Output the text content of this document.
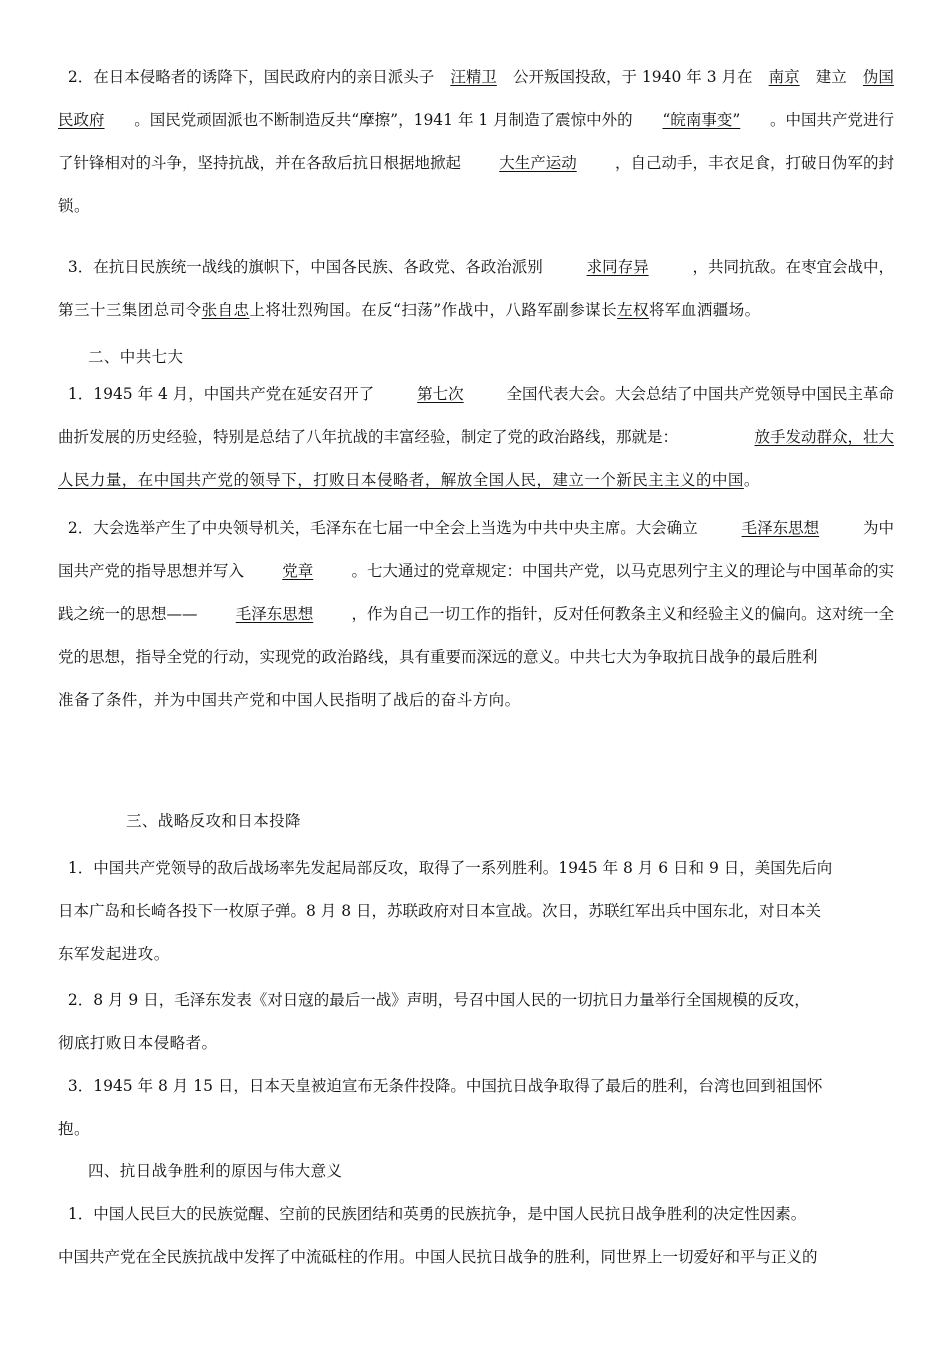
二、中共七大
三、战略反攻和日本投降
四、抗日战争胜利的原因与伟大意义
2．在日本侵略者的诱降下，国民政府内的亲日派头子 汪精卫 公开叛国投敌，于 1940 年 3 月在 南京 建立 伪国
民政府 。国民党顽固派也不断制造反共“摩擦”，1941 年 1 月制造了震惊中外的 “皖南事变” 。中国共产党进行
了针锋相对的斗争，坚持抗战，并在各敌后抗日根据地掀起 大生产运动 ，自己动手，丰衣足食，打破日伪军的封
锁。
3．在抗日民族统一战线的旗帜下，中国各民族、各政党、各政治派别	求同存异	，共同抗敌。在枣宜会战中，
第三十三集团总司令 张自忠 上将壮烈殉国。在反“扫荡”作战中，八路军副参谋长 左权 将军血洒疆场。
1．1945 年 4 月，中国共产党在延安召开了	第七次	全国代表大会。大会总结了中国共产党领导中国民主革命
曲折发展的历史经验，特别是总结了八年抗战的丰富经验，制定了党的政治路线，那就是：	放手发动群众，壮大
人民力量，在中国共产党的领导下，打败日本侵略者，解放全国人民，建立一个新民主主义的中国 。
2．大会选举产生了中央领导机关，毛泽东在七届一中全会上当选为中共中央主席。大会确立	毛泽东思想	为中
国共产党的指导思想并写入 党章 。七大通过的党章规定：中国共产党，以马克思列宁主义的理论与中国革命的实
践之统一的思想—— 毛泽东思想 ，作为自己一切工作的指针，反对任何教条主义和经验主义的偏向。这对统一全
党的思想，指导全党的行动，实现党的政治路线，具有重要而深远的意义。中共七大为争取抗日战争的最后胜利
准备了条件，并为中国共产党和中国人民指明了战后的奋斗方向。
1．中国共产党领导的敌后战场率先发起局部反攻，取得了一系列胜利。1945 年 8 月 6 日和 9 日，美国先后向
日本广岛和长崎各投下一枚原子弹。8 月 8 日，苏联政府对日本宣战。次日，苏联红军出兵中国东北，对日本关
东军发起进攻。
2．8 月 9 日，毛泽东发表《对日寇的最后一战》声明，号召中国人民的一切抗日力量举行全国规模的反攻，
彻底打败日本侵略者。
3．1945 年 8 月 15 日，日本天皇被迫宣布无条件投降。中国抗日战争取得了最后的胜利，台湾也回到祖国怀
抱。
1．中国人民巨大的民族觉醒、空前的民族团结和英勇的民族抗争，是中国人民抗日战争胜利的决定性因素。
中国共产党在全民族抗战中发挥了中流砥柱的作用。中国人民抗日战争的胜利，同世界上一切爱好和平与正义的
